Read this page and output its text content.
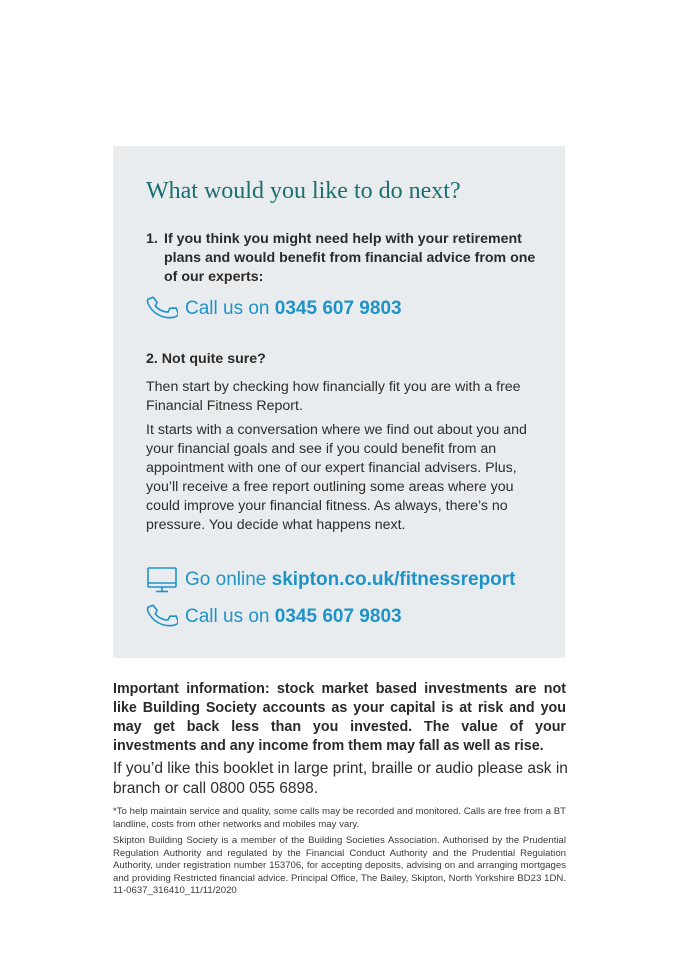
What would you like to do next?
1. If you think you might need help with your retirement plans and would benefit from financial advice from one of our experts:
Call us on 0345 607 9803
2. Not quite sure?

Then start by checking how financially fit you are with a free Financial Fitness Report.

It starts with a conversation where we find out about you and your financial goals and see if you could benefit from an appointment with one of our expert financial advisers. Plus, you’ll receive a free report outlining some areas where you could improve your financial fitness. As always, there’s no pressure. You decide what happens next.

Go online skipton.co.uk/fitnessreport
Call us on 0345 607 9803

Important information: stock market based investments are not like Building Society accounts as your capital is at risk and you may get back less than you invested. The value of your investments and any income from them may fall as well as rise.

If you’d like this booklet in large print, braille or audio please ask in branch or call 0800 055 6898.

*To help maintain service and quality, some calls may be recorded and monitored. Calls are free from a BT landline, costs from other networks and mobiles may vary.

Skipton Building Society is a member of the Building Societies Association. Authorised by the Prudential Regulation Authority and regulated by the Financial Conduct Authority and the Prudential Regulation Authority, under registration number 153706, for accepting deposits, advising on and arranging mortgages and providing Restricted financial advice. Principal Office, The Bailey, Skipton, North Yorkshire BD23 1DN. 11-0637_316410_11/11/2020
